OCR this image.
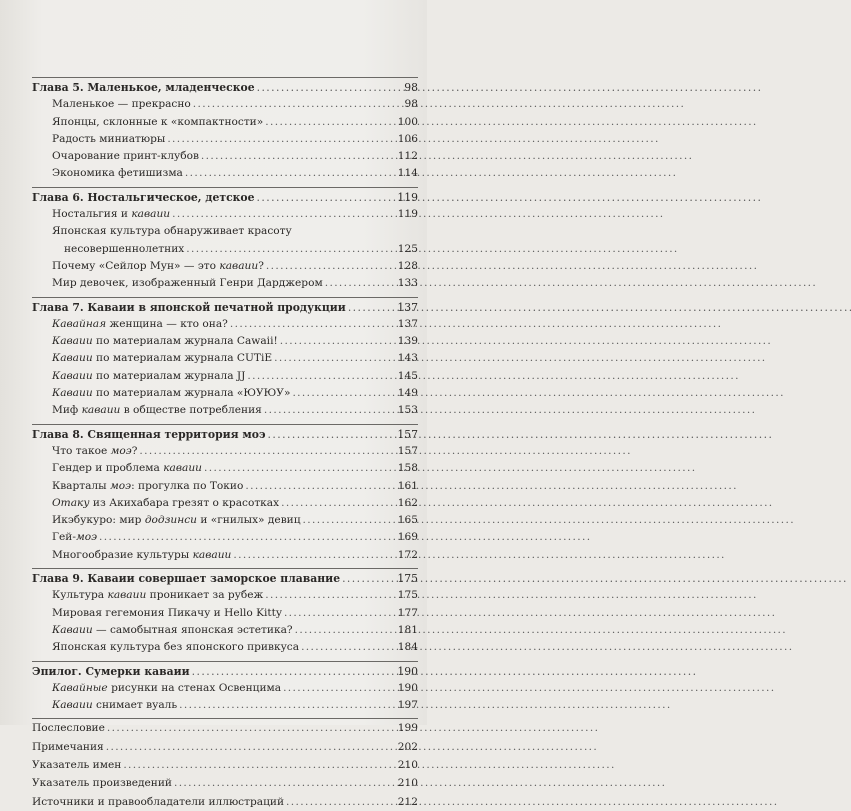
Глава 5. Маленькое, младенческое . . .	98
Маленькое — прекрасно . . .	98
Японцы, склонные к «компактности» . . .	100
Радость миниатюры . . .	106
Очарование принт-клубов . . .	112
Экономика фетишизма . . .	114
Глава 6. Ностальгическое, детское . . .	119
Ностальгия и каваии . . .	119
Японская культура обнаруживает красоту
несовершеннолетних . . .	125
Почему «Сейлор Мун» — это каваии? . . .	128
Мир девочек, изображенный Генри Дарджером . . .	133
Глава 7. Каваии в японской печатной продукции . . .	137
Кавайная женщина — кто она? . . .	137
Каваии по материалам журнала Cawaii! . . .	139
Каваии по материалам журнала CUTiE . . .	143
Каваии по материалам журнала JJ . . .	145
Каваии по материалам журнала «ЮУЮУ» . . .	149
Миф каваии в обществе потребления . . .	153
Глава 8. Священная территория моэ . . .	157
Что такое моэ? . . .	157
Гендер и проблема каваии . . .	158
Кварталы моэ: прогулка по Токио . . .	161
Отаку из Акихабара грезят о красотках . . .	162
Икэбукуро: мир додзинси и «гнилых» девиц . . .	165
Гей-моэ . . .	169
Многообразие культуры каваии . . .	172
Глава 9. Каваии совершает заморское плавание . . .	175
Культура каваии проникает за рубеж . . .	175
Мировая гегемония Пикачу и Hello Kitty . . .	177
Каваии — самобытная японская эстетика? . . .	181
Японская культура без японского привкуса . . .	184
Эпилог. Сумерки каваии . . .	190
Кавайные рисунки на стенах Освенцима . . .	190
Каваии снимает вуаль . . .	197
Послесловие . . .	199
Примечания . . .	202
Указатель имен . . .	210
Указатель произведений . . .	210
Источники и правообладатели иллюстраций . . .	212
